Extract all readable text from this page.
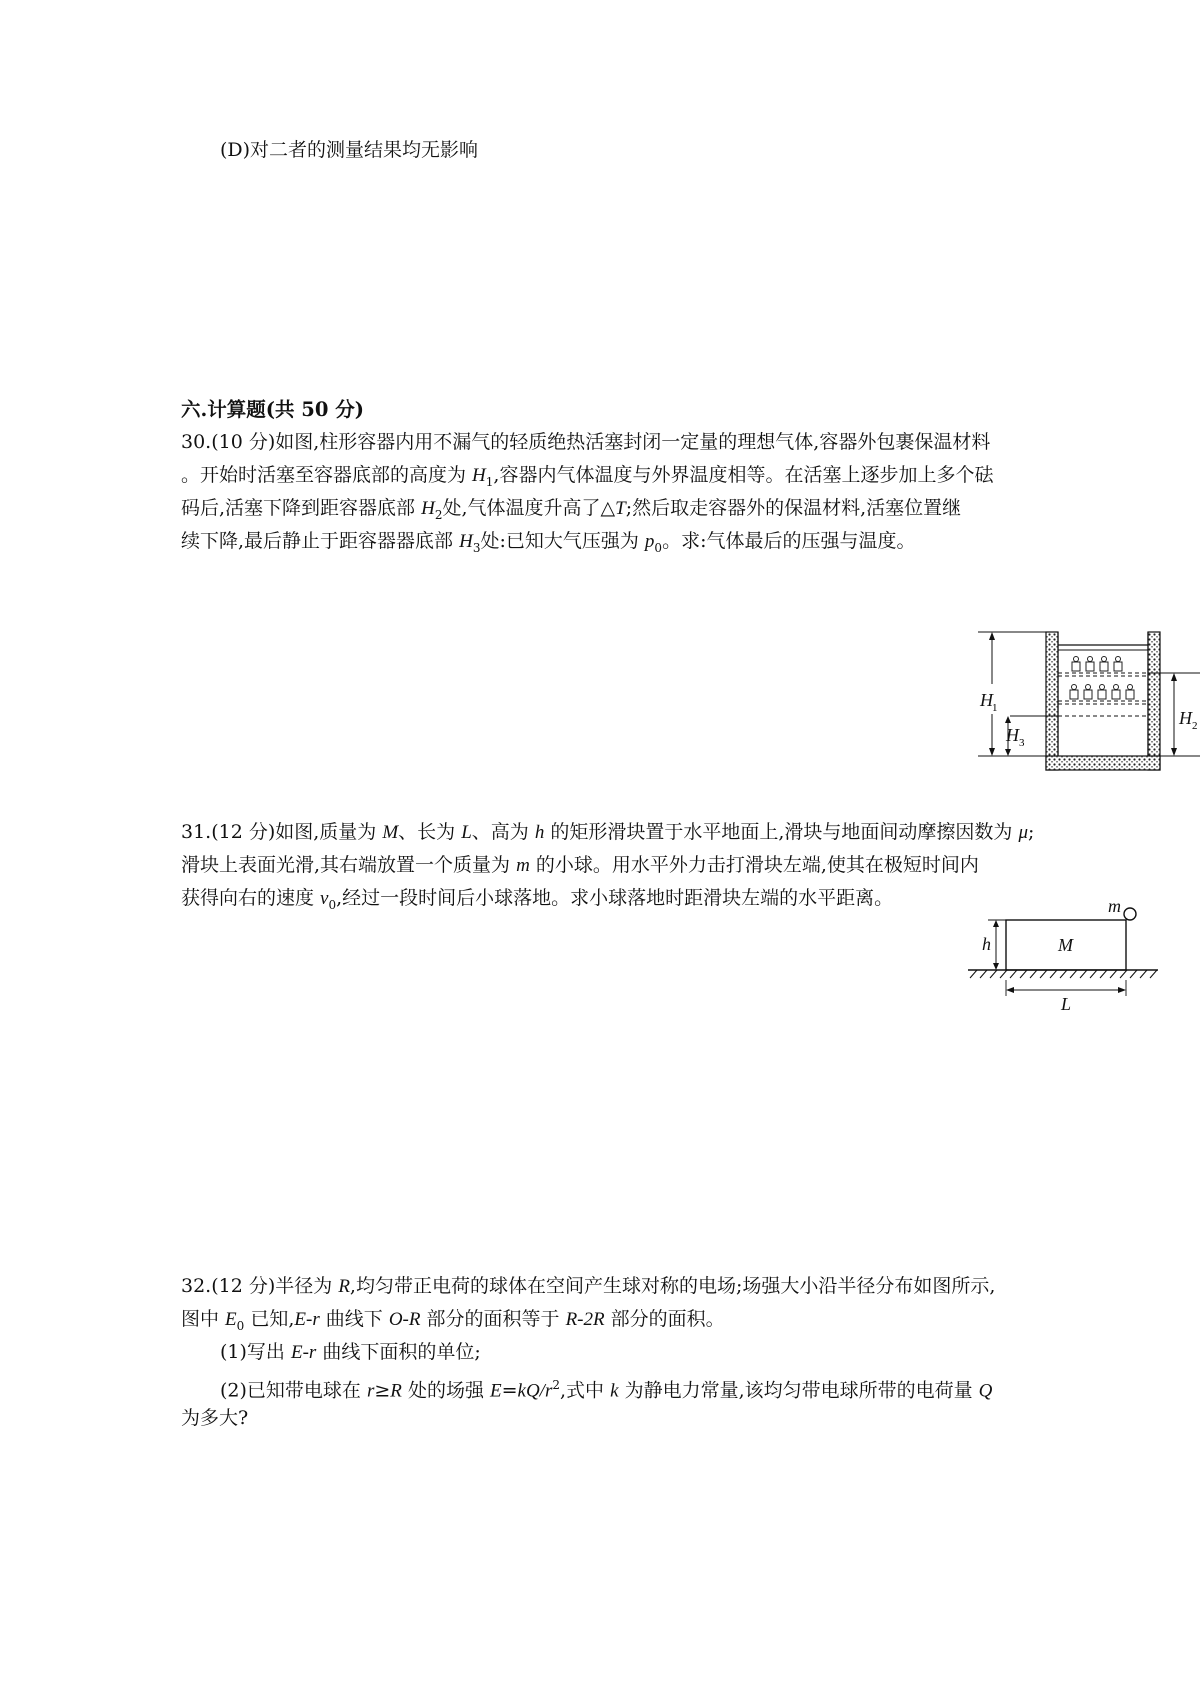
(D)对二者的测量结果均无影响
六.计算题(共 50 分)
30.(10 分)如图,柱形容器内用不漏气的轻质绝热活塞封闭一定量的理想气体,容器外包裹保温材料
。开始时活塞至容器底部的高度为 $H_1$,容器内气体温度与外界温度相等。在活塞上逐步加上多个砝
码后,活塞下降到距容器底部 $H_2$处,气体温度升高了△T;然后取走容器外的保温材料,活塞位置继
续下降,最后静止于距容器器底部 $H_3$处:已知大气压强为 $p_0$。求:气体最后的压强与温度。
H 1
H 3
H 2
31.(12 分)如图,质量为 M、长为 L、高为 h 的矩形滑块置于水平地面上,滑块与地面间动摩擦因数为 μ;
滑块上表面光滑,其右端放置一个质量为 m 的小球。用水平外力击打滑块左端,使其在极短时间内
获得向右的速度 $v_0$,经过一段时间后小球落地。求小球落地时距滑块左端的水平距离。
M
m
h
L
32.(12 分)半径为 R,均匀带正电荷的球体在空间产生球对称的电场;场强大小沿半径分布如图所示,
图中 $E_0$ 已知,E-r 曲线下 O-R 部分的面积等于 R-2R 部分的面积。
(1)写出 E-r 曲线下面积的单位;
(2)已知带电球在 r≥R 处的场强 $E=kQ/r^2$,式中 k 为静电力常量,该均匀带电球所带的电荷量 Q
为多大?
